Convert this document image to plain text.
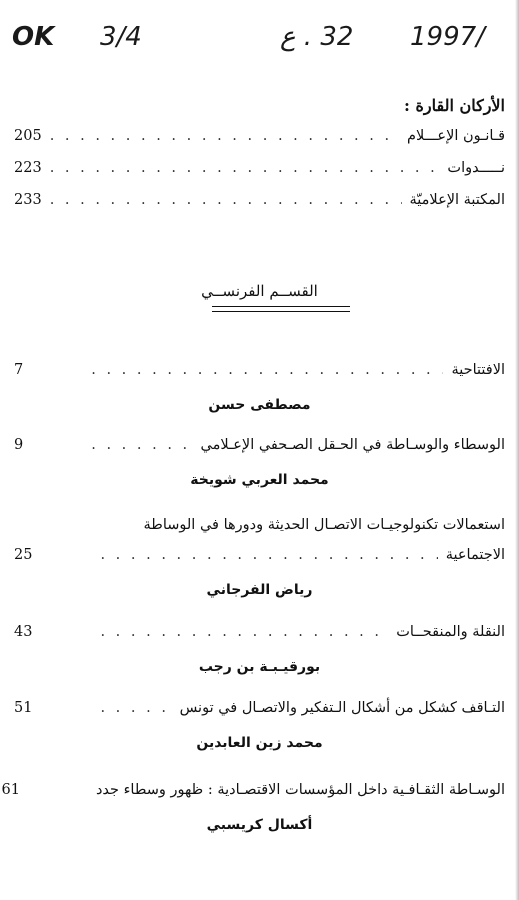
OK 3/4	32 . ع 1997/
الأركان القارة :
قـانـون الإعـــلام
. . .
205
نـــــدوات
. . .
223
المكتبة الإعلاميّة
. . .
233
القســم الفرنســي
الافتتاحية
. . .
7
مصطفى حسن
الوسطاء والوسـاطة في الحـقل الصـحفي الإعـلامي
. . .
9
محمد العربي شويخة
استعمالات تكنولوجيـات الاتصـال الحديثة ودورها في الوساطة
الاجتماعية
. . .
25
رياض الفرجاني
النقلة والمنقحــات
. . .
43
بورقيـبـة بن رجب
التـاقف كشكل من أشكال الـتفكير والاتصـال في تونس
. . .
51
محمد زين العابدين
الوسـاطة الثقـافـية داخل المؤسسات الاقتصـادية : ظهور وسطاء جدد
61
أكسال كريسبي
